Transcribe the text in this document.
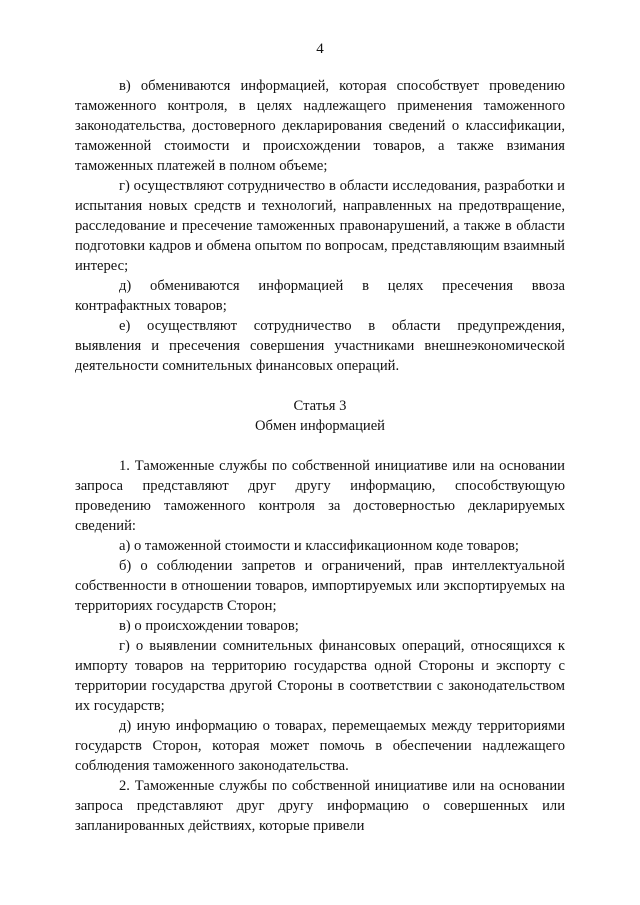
4

в) обмениваются информацией, которая способствует проведению таможенного контроля, в целях надлежащего применения таможенного законодательства, достоверного декларирования сведений о классификации, таможенной стоимости и происхождении товаров, а также взимания таможенных платежей в полном объеме;

г) осуществляют сотрудничество в области исследования, разработки и испытания новых средств и технологий, направленных на предотвращение, расследование и пресечение таможенных правонарушений, а также в области подготовки кадров и обмена опытом по вопросам, представляющим взаимный интерес;

д) обмениваются информацией в целях пресечения ввоза контрафактных товаров;

е) осуществляют сотрудничество в области предупреждения, выявления и пресечения совершения участниками внешнеэкономической деятельности сомнительных финансовых операций.

Статья 3

Обмен информацией

1. Таможенные службы по собственной инициативе или на основании запроса представляют друг другу информацию, способствующую проведению таможенного контроля за достоверностью декларируемых сведений:

а) о таможенной стоимости и классификационном коде товаров;

б) о соблюдении запретов и ограничений, прав интеллектуальной собственности в отношении товаров, импортируемых или экспортируемых на территориях государств Сторон;

в) о происхождении товаров;

г) о выявлении сомнительных финансовых операций, относящихся к импорту товаров на территорию государства одной Стороны и экспорту с территории государства другой Стороны в соответствии с законодательством их государств;

д) иную информацию о товарах, перемещаемых между территориями государств Сторон, которая может помочь в обеспечении надлежащего соблюдения таможенного законодательства.

2. Таможенные службы по собственной инициативе или на основании запроса представляют друг другу информацию о совершенных или запланированных действиях, которые привели
